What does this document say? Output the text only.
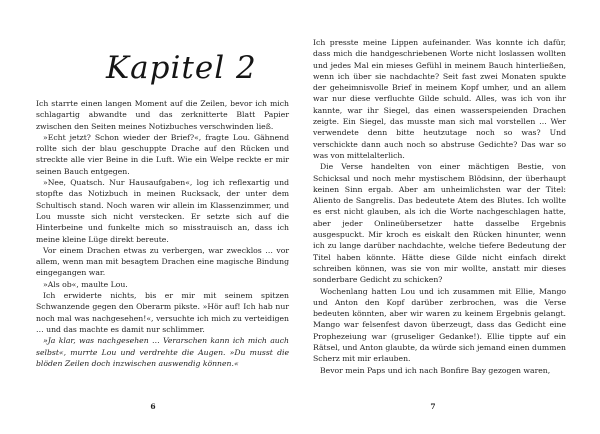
Kapitel 2

Ich starrte einen langen Moment auf die Zeilen, bevor ich mich schlagartig abwandte und das zerknitterte Blatt Papier zwischen den Seiten meines Notizbuches verschwinden ließ.

»Echt jetzt? Schon wieder der Brief?«, fragte Lou. Gähnend rollte sich der blau geschuppte Drache auf den Rücken und streckte alle vier Beine in die Luft. Wie ein Welpe reckte er mir seinen Bauch entgegen.

»Nee, Quatsch. Nur Hausaufgaben«, log ich reflexartig und stopfte das Notizbuch in meinen Rucksack, der unter dem Schultisch stand. Noch waren wir allein im Klassenzimmer, und Lou musste sich nicht verstecken. Er setzte sich auf die Hinterbeine und funkelte mich so misstrauisch an, dass ich meine kleine Lüge direkt bereute.

Vor einem Drachen etwas zu verbergen, war zwecklos … vor allem, wenn man mit besagtem Drachen eine magische Bindung eingegangen war.

»Als ob«, maulte Lou.

Ich erwiderte nichts, bis er mir mit seinem spitzen Schwanzende gegen den Oberarm pikste. »Hör auf! Ich hab nur noch mal was nachgesehen!«, versuchte ich mich zu verteidigen … und das machte es damit nur schlimmer.

»Ja klar, was nachgesehen … Verarschen kann ich mich auch selbst«, murrte Lou und verdrehte die Augen. »Du musst die blöden Zeilen doch inzwischen auswendig können.«

6

Ich presste meine Lippen aufeinander. Was konnte ich dafür, dass mich die handgeschriebenen Worte nicht loslassen wollten und jedes Mal ein mieses Gefühl in meinem Bauch hinterließen, wenn ich über sie nachdachte? Seit fast zwei Monaten spukte der geheimnisvolle Brief in meinem Kopf umher, und an allem war nur diese verfluchte Gilde schuld. Alles, was ich von ihr kannte, war ihr Siegel, das einen wasserspeienden Drachen zeigte. Ein Siegel, das musste man sich mal vorstellen … Wer verwendete denn bitte heutzutage noch so was? Und verschickte dann auch noch so abstruse Gedichte? Das war so was von mittelalterlich.

Die Verse handelten von einer mächtigen Bestie, von Schicksal und noch mehr mystischem Blödsinn, der überhaupt keinen Sinn ergab. Aber am unheimlichsten war der Titel: Aliento de Sangrelis. Das bedeutete Atem des Blutes. Ich wollte es erst nicht glauben, als ich die Worte nachgeschlagen hatte, aber jeder Onlineübersetzer hatte dasselbe Ergebnis ausgespuckt. Mir kroch es eiskalt den Rücken hinunter, wenn ich zu lange darüber nachdachte, welche tiefere Bedeutung der Titel haben könnte. Hätte diese Gilde nicht einfach direkt schreiben können, was sie von mir wollte, anstatt mir dieses sonderbare Gedicht zu schicken?

Wochenlang hatten Lou und ich zusammen mit Ellie, Mango und Anton den Kopf darüber zerbrochen, was die Verse bedeuten könnten, aber wir waren zu keinem Ergebnis gelangt. Mango war felsenfest davon überzeugt, dass das Gedicht eine Prophezeiung war (gruseliger Gedanke!). Ellie tippte auf ein Rätsel, und Anton glaubte, da würde sich jemand einen dummen Scherz mit mir erlauben.

Bevor mein Paps und ich nach Bonfire Bay gezogen waren,

7
